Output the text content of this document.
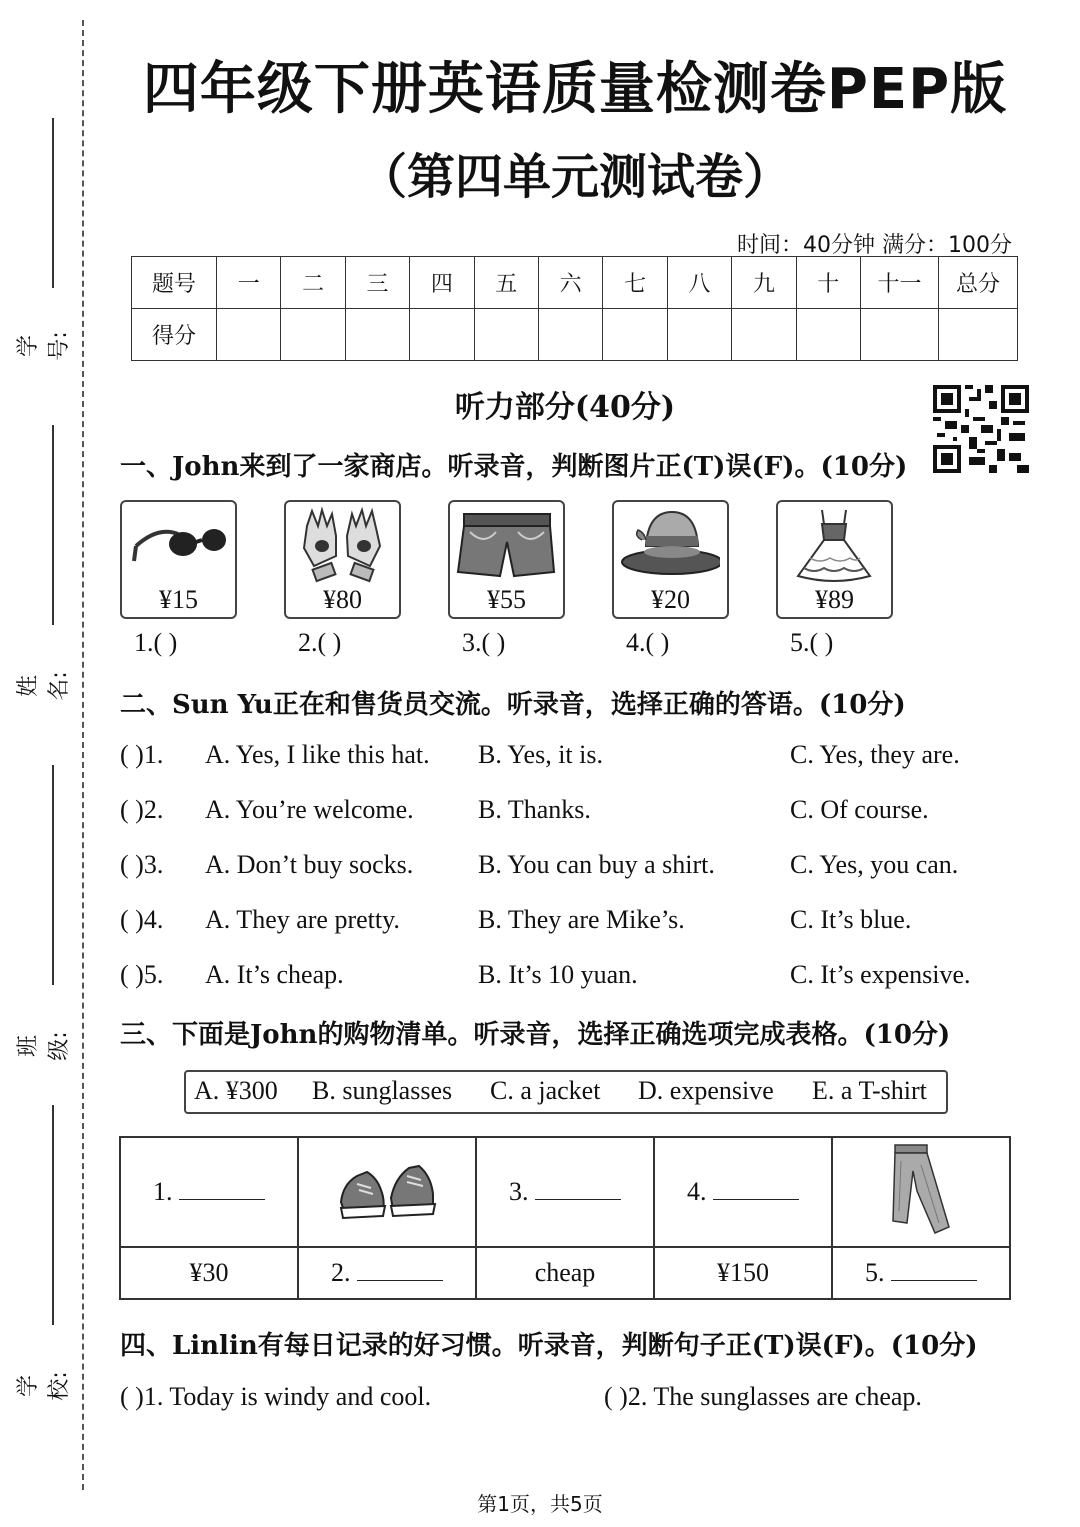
学号:
姓名:
班级:
学校:
四年级下册英语质量检测卷PEP版
（第四单元测试卷）
时间：40分钟 满分：100分
题号	一	二	三	四	五	六	七	八	九	十	十一	总分
得分												
听力部分(40分)
一、John来到了一家商店。听录音，判断图片正(T)误(F)。(10分)
¥15	¥80	¥55	¥20	¥89
1.( )	2.( )	3.( )	4.( )	5.( )
二、Sun Yu正在和售货员交流。听录音，选择正确的答语。(10分)
( )1. A. Yes, I like this hat. B. Yes, it is.	C. Yes, they are.
( )2. A. You’re welcome. B. Thanks.	C. Of course.
( )3. A. Don’t buy socks. B. You can buy a shirt.	C. Yes, you can.
( )4. A. They are pretty.	B. They are Mike’s.	C. It’s blue.
( )5. A. It’s cheap.	B. It’s 10 yuan.	C. It’s expensive.
三、下面是John的购物清单。听录音，选择正确选项完成表格。(10分)
A. ¥300 B. sunglasses C. a jacket D. expensive E. a T-shirt
1.		3.	4.	
¥30	2.	cheap	¥150	5.
四、Linlin有每日记录的好习惯。听录音，判断句子正(T)误(F)。(10分)
( )1. Today is windy and cool.	( )2. The sunglasses are cheap.
第1页，共5页
